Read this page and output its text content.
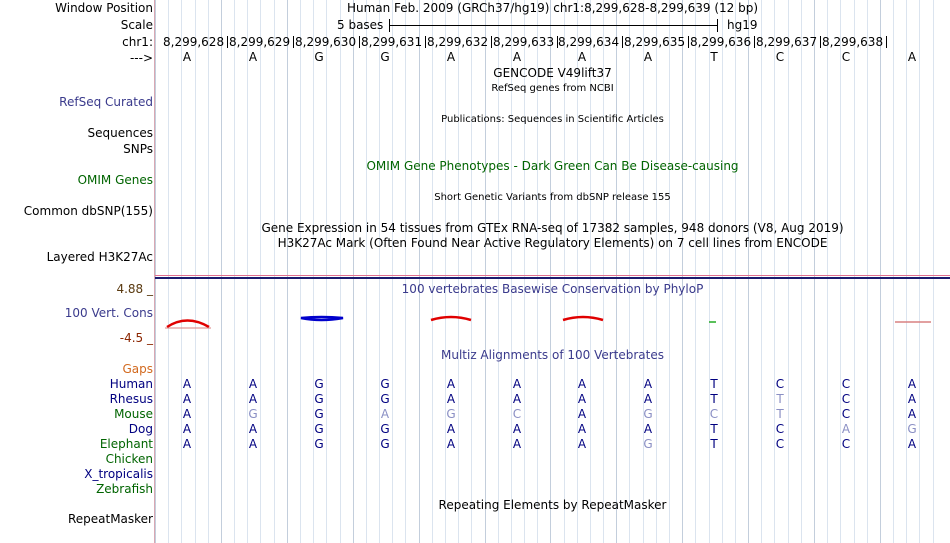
Window Position
Scale
chr1:
--->
Human Feb. 2009 (GRCh37/hg19) chr1:8,299,628-8,299,639 (12 bp)
5 bases	hg19
8,299,628 8,299,629 8,299,630 8,299,631 8,299,632 8,299,633 8,299,634 8,299,635 8,299,636 8,299,637 8,299,638
A	A	G	G	A	A	A	A	T	C	C	A
GENCODE V49lift37
RefSeq genes from NCBI
RefSeq Curated
Publications: Sequences in Scientific Articles
Sequences
SNPs
OMIM Gene Phenotypes - Dark Green Can Be Disease-causing
OMIM Genes
Short Genetic Variants from dbSNP release 155
Common dbSNP(155)
Gene Expression in 54 tissues from GTEx RNA-seq of 17382 samples, 948 donors (V8, Aug 2019)
H3K27Ac Mark (Often Found Near Active Regulatory Elements) on 7 cell lines from ENCODE
Layered H3K27Ac
4.88 _	100 vertebrates Basewise Conservation by PhyloP
100 Vert. Cons
-4.5 _
Multiz Alignments of 100 Vertebrates
Gaps
Human A	A	G	G	A	A	A	A	T	C	C	A
Rhesus A	A	G	G	A	A	A	A	T	T	C	A
Mouse A	G	G	A	G	C	A	G	C	T	C	A
Dog A	A	G	G	A	A	A	A	T	C	A	G
Elephant A	A	G	G	A	A	A	G	T	C	C	A
Chicken
X_tropicalis
Zebrafish
Repeating Elements by RepeatMasker
RepeatMasker
